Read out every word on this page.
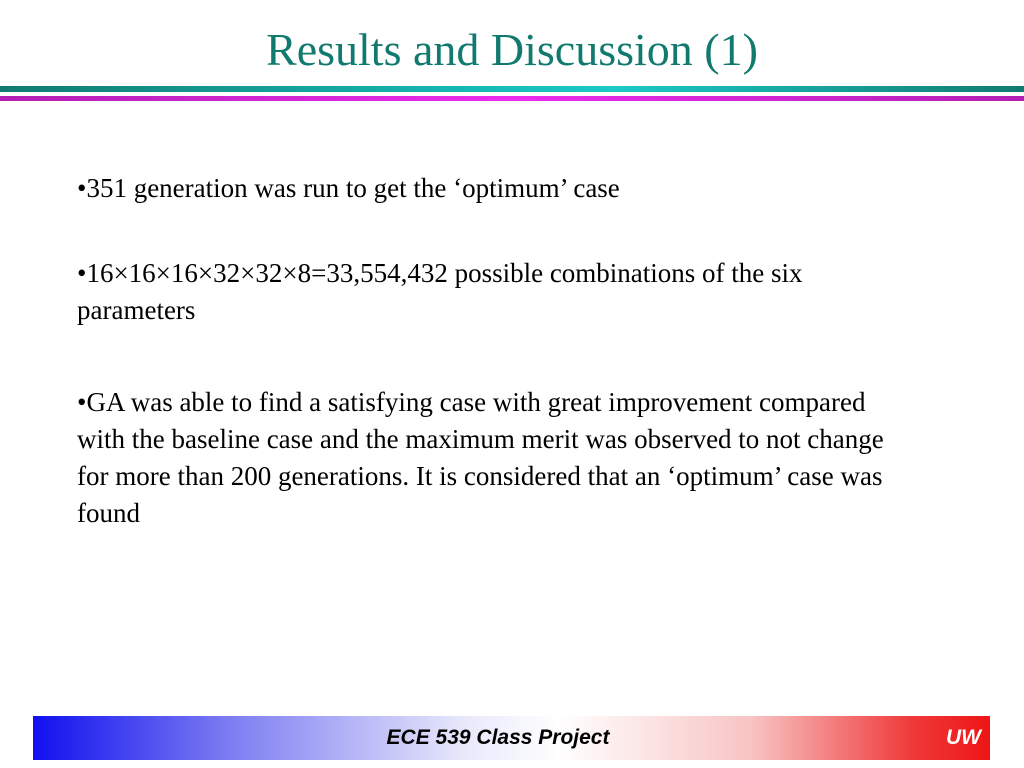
Results and Discussion (1)

•351 generation was run to get the ‘optimum’ case

•16×16×16×32×32×8=33,554,432 possible combinations of the six parameters

•GA was able to find a satisfying case with great improvement compared with the baseline case and the maximum merit was observed to not change for more than 200 generations. It is considered that an ‘optimum’ case was found

ECE 539 Class Project	UW
